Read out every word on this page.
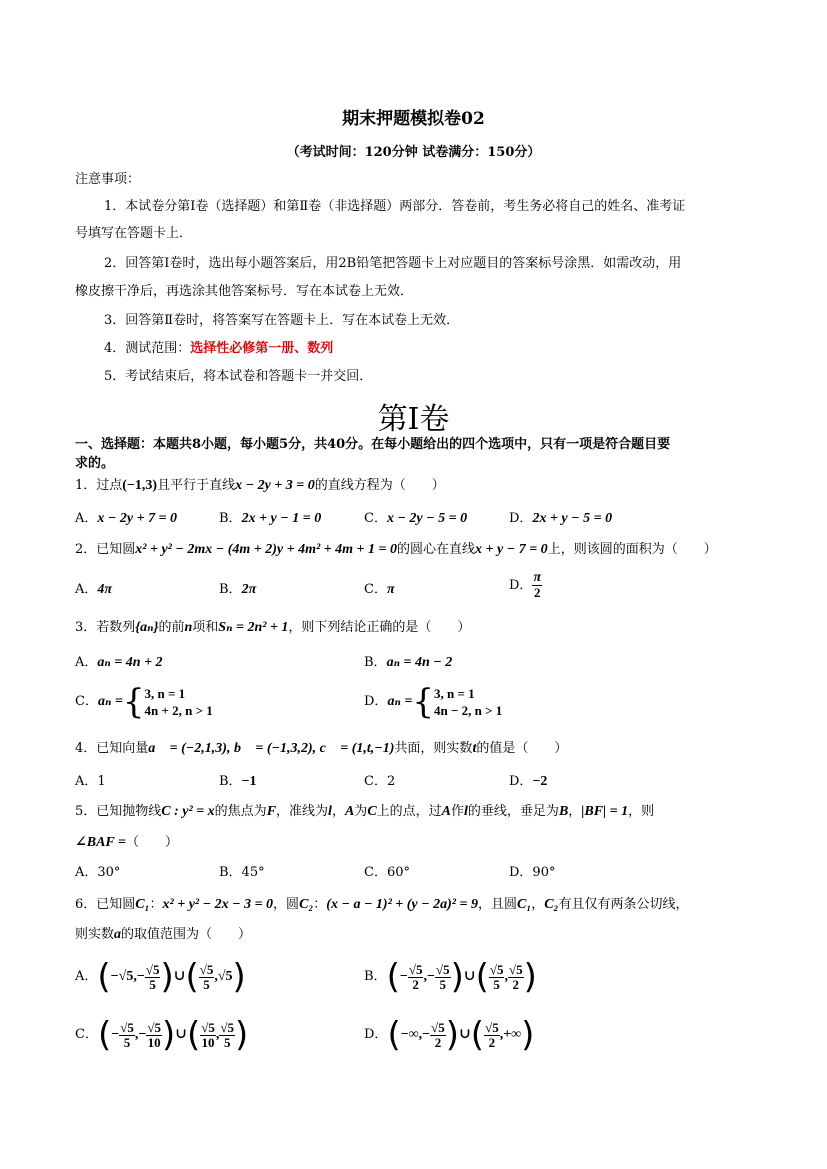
期末押题模拟卷02
（考试时间：120分钟 试卷满分：150分）
注意事项：
1．本试卷分第Ⅰ卷（选择题）和第Ⅱ卷（非选择题）两部分．答卷前，考生务必将自己的姓名、准考证
号填写在答题卡上．
2．回答第Ⅰ卷时，选出每小题答案后，用2B铅笔把答题卡上对应题目的答案标号涂黑．如需改动，用
橡皮擦干净后，再选涂其他答案标号．写在本试卷上无效．
3．回答第Ⅱ卷时，将答案写在答题卡上．写在本试卷上无效．
4．测试范围：选择性必修第一册、数列
5．考试结束后，将本试卷和答题卡一并交回．
第Ⅰ卷
一、选择题：本题共8小题，每小题5分，共40分。在每小题给出的四个选项中，只有一项是符合题目要
求的。
1．过点(−1,3)且平行于直线x − 2y + 3 = 0的直线方程为（　　）
A．x − 2y + 7 = 0	B．2x + y − 1 = 0	C．x − 2y − 5 = 0	D．2x + y − 5 = 0
2．已知圆x² + y² − 2mx − (4m + 2)y + 4m² + 4m + 1 = 0的圆心在直线x + y − 7 = 0上，则该圆的面积为（　　）
A．4π	B．2π	C．π	D． $\frac{\pi}{2}$
3．若数列{aₙ}的前n项和Sₙ = 2n² + 1，则下列结论正确的是（　　）
A．aₙ = 4n + 2	B．aₙ = 4n − 2
C．aₙ ={ 3, n = 1
4n + 2, n > 1
D．aₙ ={ 3, n = 1
4n − 2, n > 1
4．已知向量a⃗ = (−2,1,3), b⃗ = (−1,3,2), c⃗ = (1,t,−1)共面，则实数t的值是（　　）
A．1	B．−1	C．2	D．−2
5．已知抛物线C : y² = x的焦点为F，准线为l，A为C上的点，过A作l的垂线，垂足为B，|BF| = 1，则
∠BAF =（　　）
A．30°	B．45°	C．60°	D．90°
6．已知圆C₁：x² + y² − 2x − 3 = 0，圆C₂：(x − a − 1)² + (y − 2a)² = 9，且圆C₁，C₂有且仅有两条公切线，
则实数a的取值范围为（　　）
A．($-√5,- \frac{√5}{5}$ )∪( $\frac{√5}{5} ,√5$)	B．(− $\frac{√5}{2}$ ,− $\frac{√5}{5}$ )∪( $\frac{√5}{5}$ , $\frac{√5}{2}$ )
C．(− $\frac{√5}{5}$ ,− $\frac{√5}{10}$ )∪( $\frac{√5}{10}$ , $\frac{√5}{5}$ )	D．(−∞,− $\frac{√5}{2}$ )∪( $\frac{√5}{2}$ ,+∞)
